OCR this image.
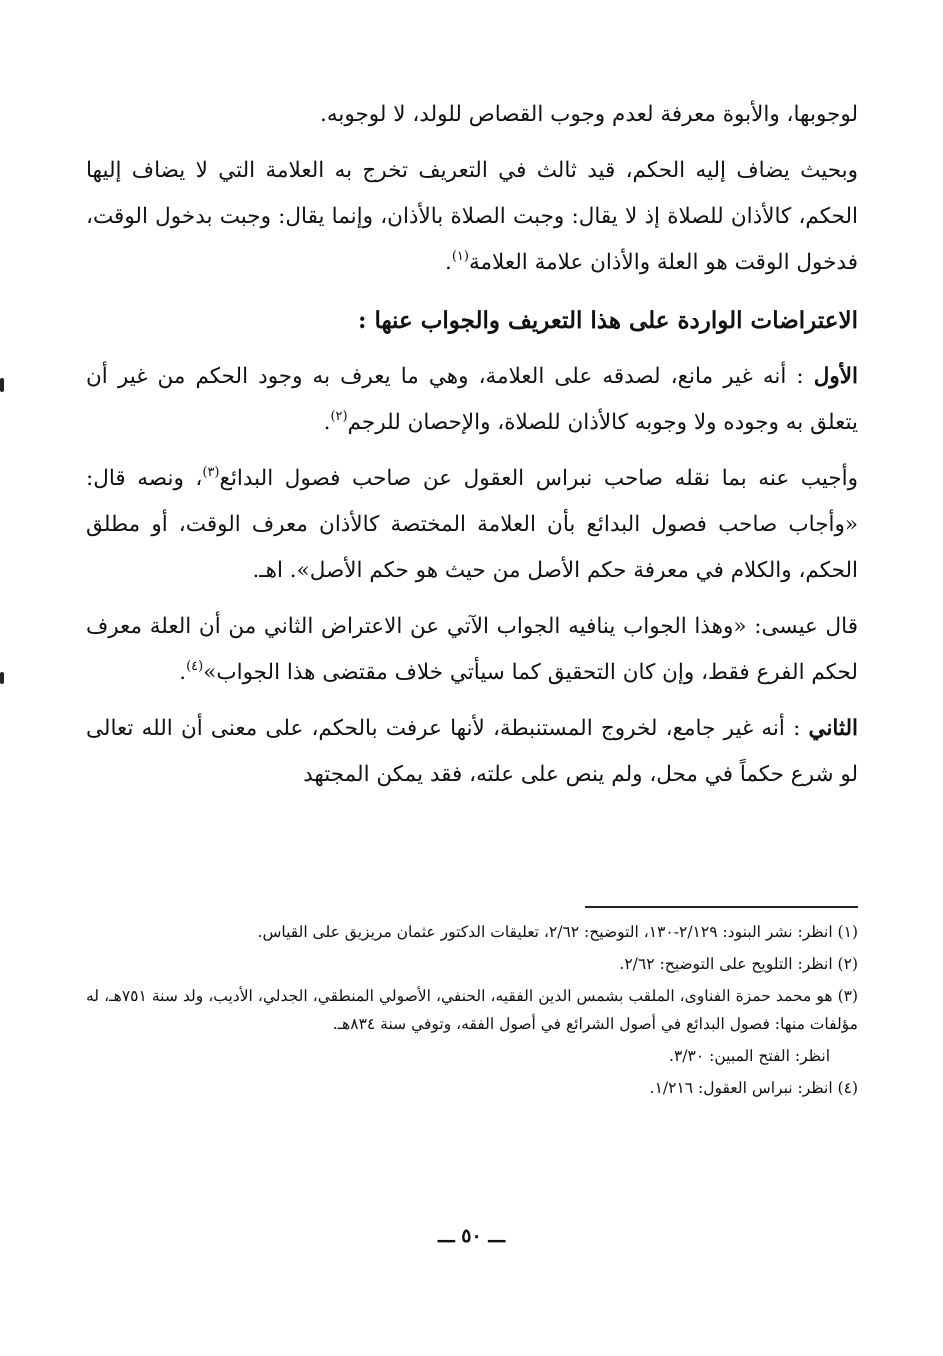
لوجوبها، والأبوة معرفة لعدم وجوب القصاص للولد، لا لوجوبه.

وبحيث يضاف إليه الحكم، قيد ثالث في التعريف تخرج به العلامة التي لا يضاف إليها الحكم، كالأذان للصلاة إذ لا يقال: وجبت الصلاة بالأذان، وإنما يقال: وجبت بدخول الوقت، فدخول الوقت هو العلة والأذان علامة العلامة$^{(١)}$.

الاعتراضات الواردة على هذا التعريف والجواب عنها :

الأول : أنه غير مانع، لصدقه على العلامة، وهي ما يعرف به وجود الحكم من غير أن يتعلق به وجوده ولا وجوبه كالأذان للصلاة، والإحصان للرجم$^{(٢)}$.

وأجيب عنه بما نقله صاحب نبراس العقول عن صاحب فصول البدائع$^{(٣)}$، ونصه قال: «وأجاب صاحب فصول البدائع بأن العلامة المختصة كالأذان معرف الوقت، أو مطلق الحكم، والكلام في معرفة حكم الأصل من حيث هو حكم الأصل». اهـ.

قال عيسى: «وهذا الجواب ينافيه الجواب الآتي عن الاعتراض الثاني من أن العلة معرف لحكم الفرع فقط، وإن كان التحقيق كما سيأتي خلاف مقتضى هذا الجواب»$^{(٤)}$.

الثاني : أنه غير جامع، لخروج المستنبطة، لأنها عرفت بالحكم، على معنى أن الله تعالى لو شرع حكماً في محل، ولم ينص على علته، فقد يمكن المجتهد

(١) انظر: نشر البنود: ٢/١٢٩-١٣٠، التوضيح: ٢/٦٢، تعليقات الدكتور عثمان مريزيق على القياس.

(٢) انظر: التلويح على التوضيح: ٢/٦٢.

(٣) هو محمد حمزة الفناوى، الملقب بشمس الدين الفقيه، الحنفي، الأصولي المنطقي، الجدلي، الأديب، ولد سنة ٧٥١هـ، له مؤلفات منها: فصول البدائع في أصول الشرائع في أصول الفقه، وتوفي سنة ٨٣٤هـ.

انظر: الفتح المبين: ٣/٣٠.

(٤) انظر: نبراس العقول: ١/٢١٦.

ـــ ٥٠ ـــ
